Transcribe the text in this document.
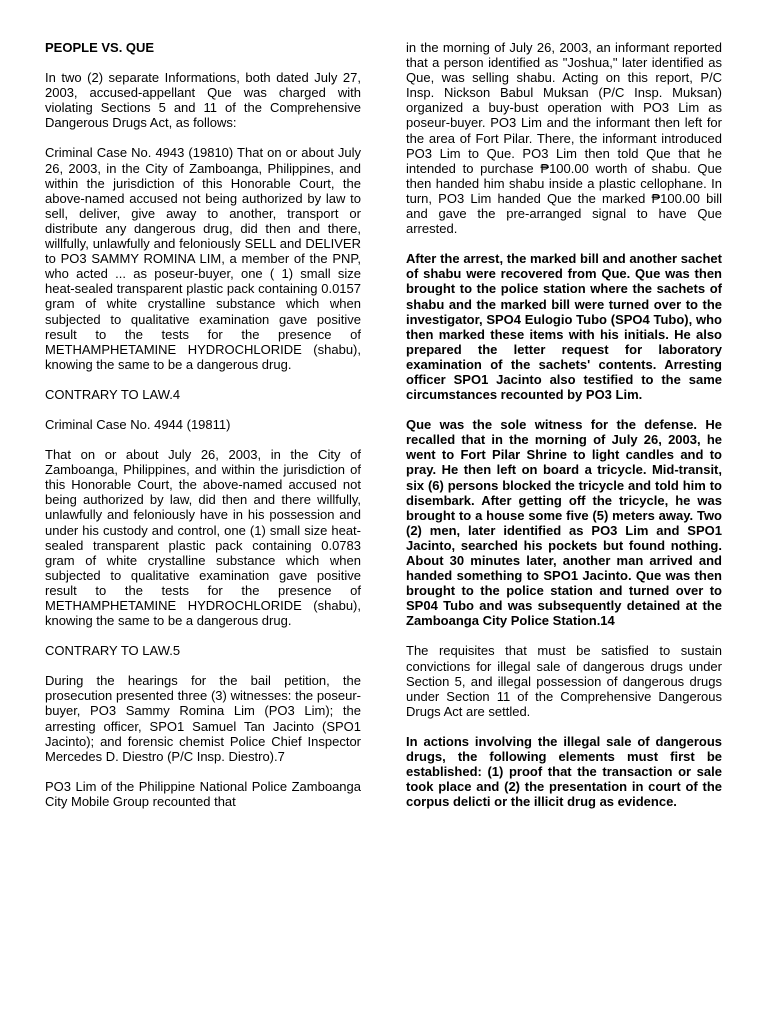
PEOPLE VS. QUE

In two (2) separate Informations, both dated July 27, 2003, accused-appellant Que was charged with violating Sections 5 and 11 of the Comprehensive Dangerous Drugs Act, as follows:

Criminal Case No. 4943 (19810) That on or about July 26, 2003, in the City of Zamboanga, Philippines, and within the jurisdiction of this Honorable Court, the above-named accused not being authorized by law to sell, deliver, give away to another, transport or distribute any dangerous drug, did then and there, willfully, unlawfully and feloniously SELL and DELIVER to PO3 SAMMY ROMINA LIM, a member of the PNP, who acted ... as poseur-buyer, one ( 1) small size heat-sealed transparent plastic pack containing 0.0157 gram of white crystalline substance which when subjected to qualitative examination gave positive result to the tests for the presence of METHAMPHETAMINE HYDROCHLORIDE (shabu), knowing the same to be a dangerous drug.

CONTRARY TO LAW.4

Criminal Case No. 4944 (19811)

That on or about July 26, 2003, in the City of Zamboanga, Philippines, and within the jurisdiction of this Honorable Court, the above-named accused not being authorized by law, did then and there willfully, unlawfully and feloniously have in his possession and under his custody and control, one (1) small size heat-sealed transparent plastic pack containing 0.0783 gram of white crystalline substance which when subjected to qualitative examination gave positive result to the tests for the presence of METHAMPHETAMINE HYDROCHLORIDE (shabu), knowing the same to be a dangerous drug.

CONTRARY TO LAW.5

During the hearings for the bail petition, the prosecution presented three (3) witnesses: the poseur-buyer, PO3 Sammy Romina Lim (PO3 Lim); the arresting officer, SPO1 Samuel Tan Jacinto (SPO1 Jacinto); and forensic chemist Police Chief Inspector Mercedes D. Diestro (P/C Insp. Diestro).7

PO3 Lim of the Philippine National Police Zamboanga City Mobile Group recounted that

in the morning of July 26, 2003, an informant reported that a person identified as "Joshua," later identified as Que, was selling shabu. Acting on this report, P/C Insp. Nickson Babul Muksan (P/C Insp. Muksan) organized a buy-bust operation with PO3 Lim as poseur-buyer. PO3 Lim and the informant then left for the area of Fort Pilar. There, the informant introduced PO3 Lim to Que. PO3 Lim then told Que that he intended to purchase ₱100.00 worth of shabu. Que then handed him shabu inside a plastic cellophane. In turn, PO3 Lim handed Que the marked ₱100.00 bill and gave the pre-arranged signal to have Que arrested.

After the arrest, the marked bill and another sachet of shabu were recovered from Que. Que was then brought to the police station where the sachets of shabu and the marked bill were turned over to the investigator, SPO4 Eulogio Tubo (SPO4 Tubo), who then marked these items with his initials. He also prepared the letter request for laboratory examination of the sachets' contents. Arresting officer SPO1 Jacinto also testified to the same circumstances recounted by PO3 Lim.

Que was the sole witness for the defense. He recalled that in the morning of July 26, 2003, he went to Fort Pilar Shrine to light candles and to pray. He then left on board a tricycle. Mid-transit, six (6) persons blocked the tricycle and told him to disembark. After getting off the tricycle, he was brought to a house some five (5) meters away. Two (2) men, later identified as PO3 Lim and SPO1 Jacinto, searched his pockets but found nothing. About 30 minutes later, another man arrived and handed something to SPO1 Jacinto. Que was then brought to the police station and turned over to SP04 Tubo and was subsequently detained at the Zamboanga City Police Station.14

The requisites that must be satisfied to sustain convictions for illegal sale of dangerous drugs under Section 5, and illegal possession of dangerous drugs under Section 11 of the Comprehensive Dangerous Drugs Act are settled.

In actions involving the illegal sale of dangerous drugs, the following elements must first be established: (1) proof that the transaction or sale took place and (2) the presentation in court of the corpus delicti or the illicit drug as evidence.
